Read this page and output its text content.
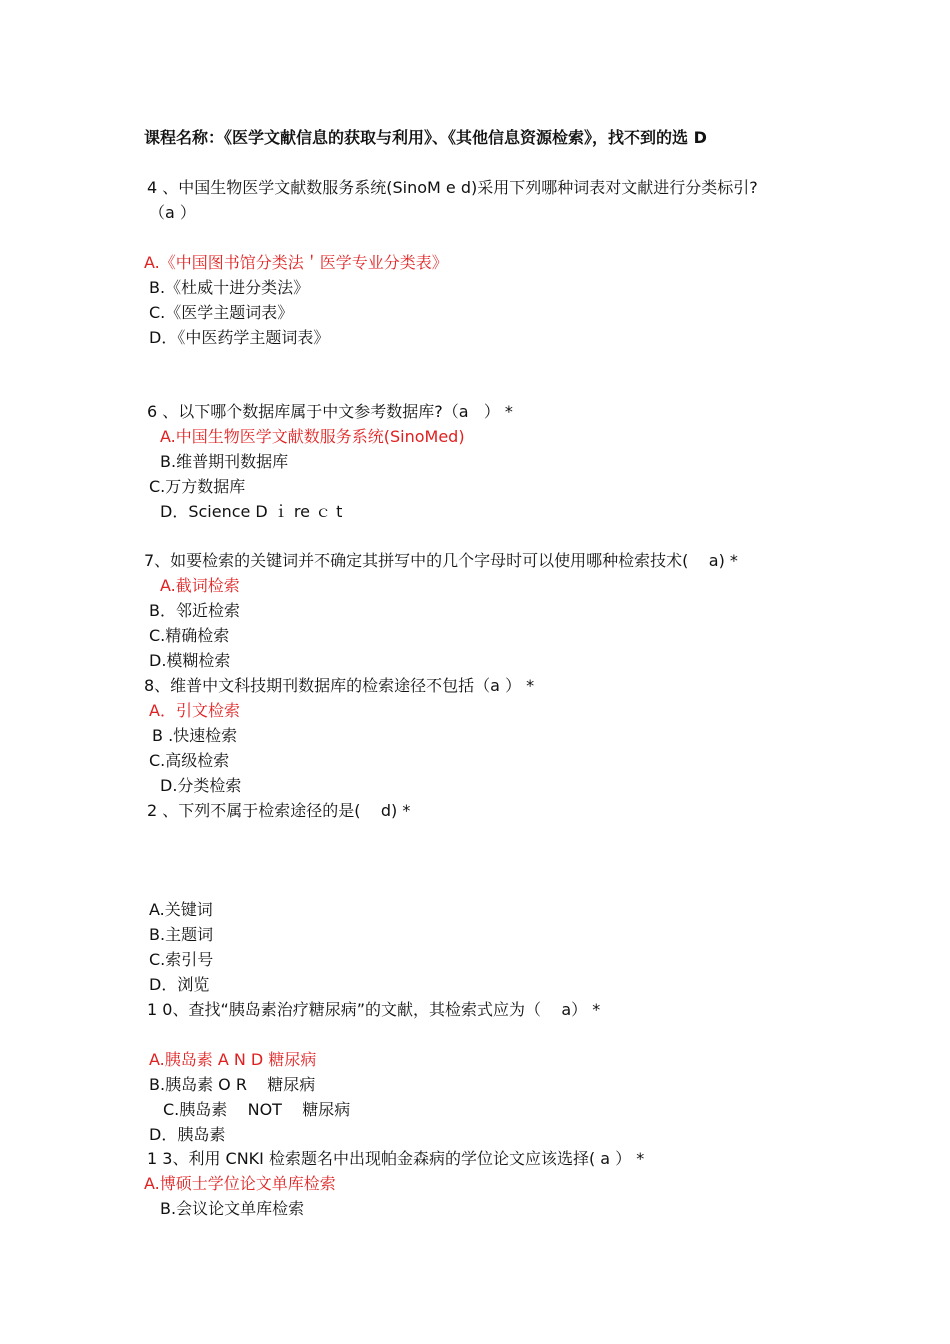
课程名称：《医学文献信息的获取与利用》、《其他信息资源检索》，找不到的选 D
4 、中国生物医学文献数服务系统(SinoM e d)采用下列哪种词表对文献进行分类标引?
（a ）
A.《中国图书馆分类法＇医学专业分类表》
B.《杜威十进分类法》
C.《医学主题词表》
D．《中医药学主题词表》
6 、以下哪个数据库属于中文参考数据库?（a   ） *
A.中国生物医学文献数服务系统(SinoMed)
B.维普期刊数据库
C.万方数据库
D．Science D ｉ re ｃ t
7、如要检索的关键词并不确定其拼写中的几个字母时可以使用哪种检索技术(    a) *
A.截词检索
B．邻近检索
C.精确检索
D.模糊检索
8、维普中文科技期刊数据库的检索途径不包括（a ） *
A．引文检索
B .快速检索
C.高级检索
D.分类检索
2 、下列不属于检索途径的是(    d) *
A.关键词
B.主题词
C.索引号
D．浏览
1 0、查找“胰岛素治疗糖尿病”的文献，其检索式应为（    a） *
A.胰岛素 A N D 糖尿病
B.胰岛素 O R    糖尿病
C.胰岛素    NOT    糖尿病
D．胰岛素
1 3、利用 CNKI 检索题名中出现帕金森病的学位论文应该选择( a ） *
A.博硕士学位论文单库检索
B.会议论文单库检索
